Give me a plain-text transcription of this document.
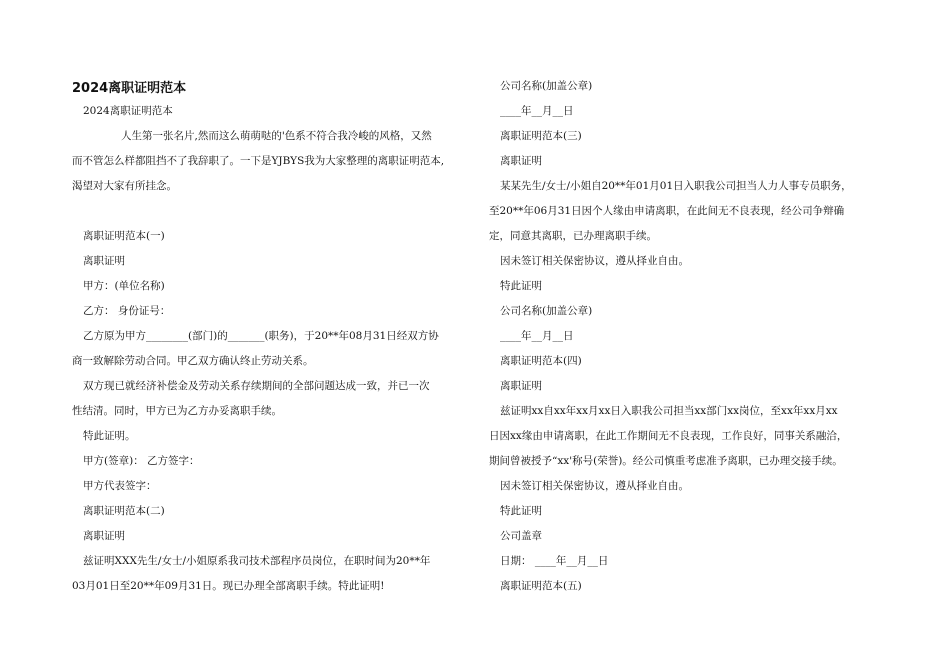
2024离职证明范本

2024离职证明范本

人生第一张名片,然而这么萌萌哒的'色系不符合我冷峻的风格，又然

而不管怎么样都阻挡不了我辞职了。一下是YJBYS我为大家整理的离职证明范本,

渴望对大家有所挂念。

离职证明范本(一)

离职证明

甲方：(单位名称)

乙方： 身份证号：

乙方原为甲方________(部门)的_______(职务)，于20**年08月31日经双方协

商一致解除劳动合同。甲乙双方确认终止劳动关系。

双方现已就经济补偿金及劳动关系存续期间的全部问题达成一致，并已一次

性结清。同时，甲方已为乙方办妥离职手续。

特此证明。

甲方(签章)： 乙方签字：

甲方代表签字：

离职证明范本(二)

离职证明

兹证明XXX先生/女士/小姐原系我司技术部程序员岗位，在职时间为20**年

03月01日至20**年09月31日。现已办理全部离职手续。特此证明!

公司名称(加盖公章)

____年__月__日

离职证明范本(三)

离职证明

某某先生/女士/小姐自20**年01月01日入职我公司担当人力人事专员职务，

至20**年06月31日因个人缘由申请离职，在此间无不良表现，经公司争辩确

定，同意其离职，已办理离职手续。

因未签订相关保密协议，遵从择业自由。

特此证明

公司名称(加盖公章)

____年__月__日

离职证明范本(四)

离职证明

兹证明xx自xx年xx月xx日入职我公司担当xx部门xx岗位，至xx年xx月xx

日因xx缘由申请离职，在此工作期间无不良表现，工作良好，同事关系融洽，

期间曾被授予“xx'称号(荣誉)。经公司慎重考虑准予离职，已办理交接手续。

因未签订相关保密协议，遵从择业自由。

特此证明

公司盖章

日期： ____年__月__日

离职证明范本(五)
